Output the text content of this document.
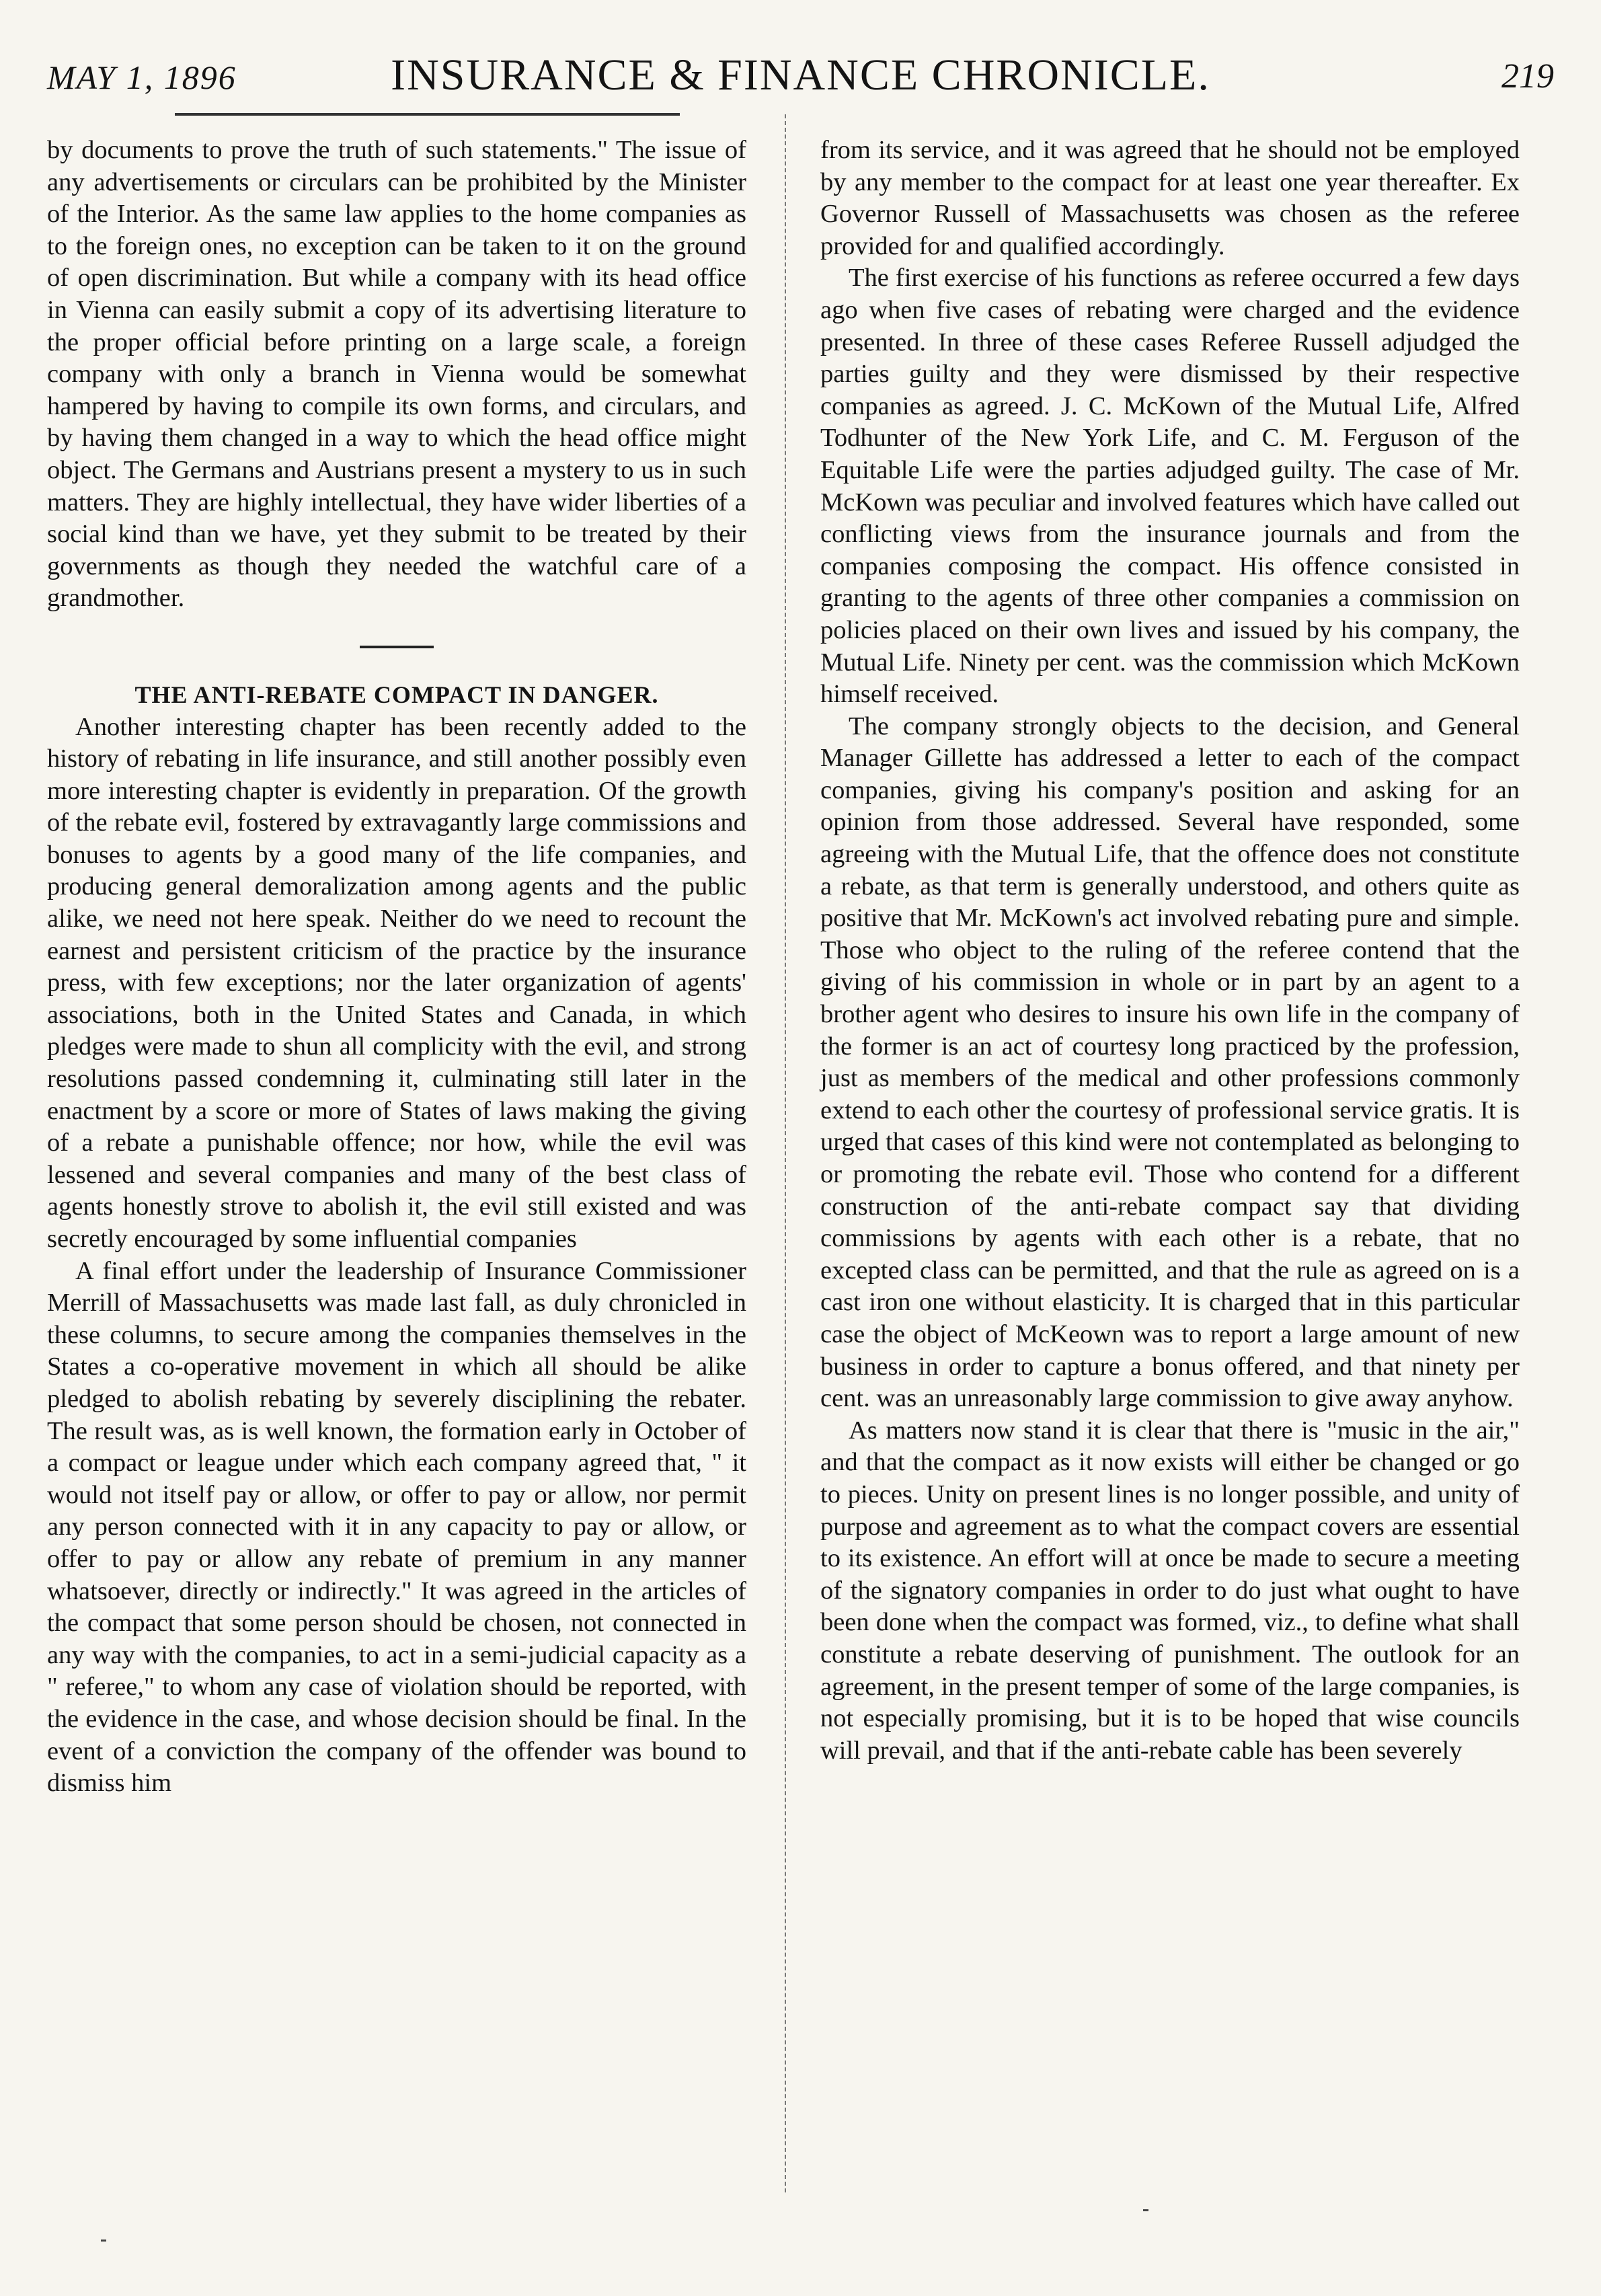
MAY 1, 1896	INSURANCE & FINANCE CHRONICLE.	219

by documents to prove the truth of such statements." The issue of any advertisements or circulars can be prohibited by the Minister of the Interior. As the same law applies to the home companies as to the foreign ones, no exception can be taken to it on the ground of open discrimination. But while a company with its head office in Vienna can easily submit a copy of its advertising literature to the proper official before printing on a large scale, a foreign company with only a branch in Vienna would be somewhat hampered by having to compile its own forms, and circulars, and by having them changed in a way to which the head office might object. The Germans and Austrians present a mystery to us in such matters. They are highly intellectual, they have wider liberties of a social kind than we have, yet they submit to be treated by their governments as though they needed the watchful care of a grandmother.

THE ANTI-REBATE COMPACT IN DANGER.

Another interesting chapter has been recently added to the history of rebating in life insurance, and still another possibly even more interesting chapter is evidently in preparation. Of the growth of the rebate evil, fostered by extravagantly large commissions and bonuses to agents by a good many of the life companies, and producing general demoralization among agents and the public alike, we need not here speak. Neither do we need to recount the earnest and persistent criticism of the practice by the insurance press, with few exceptions; nor the later organization of agents' associations, both in the United States and Canada, in which pledges were made to shun all complicity with the evil, and strong resolutions passed condemning it, culminating still later in the enactment by a score or more of States of laws making the giving of a rebate a punishable offence; nor how, while the evil was lessened and several companies and many of the best class of agents honestly strove to abolish it, the evil still existed and was secretly encouraged by some influential companies

A final effort under the leadership of Insurance Commissioner Merrill of Massachusetts was made last fall, as duly chronicled in these columns, to secure among the companies themselves in the States a co-operative movement in which all should be alike pledged to abolish rebating by severely disciplining the rebater. The result was, as is well known, the formation early in October of a compact or league under which each company agreed that, " it would not itself pay or allow, or offer to pay or allow, nor permit any person connected with it in any capacity to pay or allow, or offer to pay or allow any rebate of premium in any manner whatsoever, directly or indirectly." It was agreed in the articles of the compact that some person should be chosen, not connected in any way with the companies, to act in a semi-judicial capacity as a " referee," to whom any case of violation should be reported, with the evidence in the case, and whose decision should be final. In the event of a conviction the company of the offender was bound to dismiss him

from its service, and it was agreed that he should not be employed by any member to the compact for at least one year thereafter. Ex Governor Russell of Massachusetts was chosen as the referee provided for and qualified accordingly.

The first exercise of his functions as referee occurred a few days ago when five cases of rebating were charged and the evidence presented. In three of these cases Referee Russell adjudged the parties guilty and they were dismissed by their respective companies as agreed. J. C. McKown of the Mutual Life, Alfred Todhunter of the New York Life, and C. M. Ferguson of the Equitable Life were the parties adjudged guilty. The case of Mr. McKown was peculiar and involved features which have called out conflicting views from the insurance journals and from the companies composing the compact. His offence consisted in granting to the agents of three other companies a commission on policies placed on their own lives and issued by his company, the Mutual Life. Ninety per cent. was the commission which McKown himself received.

The company strongly objects to the decision, and General Manager Gillette has addressed a letter to each of the compact companies, giving his company's position and asking for an opinion from those addressed. Several have responded, some agreeing with the Mutual Life, that the offence does not constitute a rebate, as that term is generally understood, and others quite as positive that Mr. McKown's act involved rebating pure and simple. Those who object to the ruling of the referee contend that the giving of his commission in whole or in part by an agent to a brother agent who desires to insure his own life in the company of the former is an act of courtesy long practiced by the profession, just as members of the medical and other professions commonly extend to each other the courtesy of professional service gratis. It is urged that cases of this kind were not contemplated as belonging to or promoting the rebate evil. Those who contend for a different construction of the anti-rebate compact say that dividing commissions by agents with each other is a rebate, that no excepted class can be permitted, and that the rule as agreed on is a cast iron one without elasticity. It is charged that in this particular case the object of McKeown was to report a large amount of new business in order to capture a bonus offered, and that ninety per cent. was an unreasonably large commission to give away anyhow.

As matters now stand it is clear that there is "music in the air," and that the compact as it now exists will either be changed or go to pieces. Unity on present lines is no longer possible, and unity of purpose and agreement as to what the compact covers are essential to its existence. An effort will at once be made to secure a meeting of the signatory companies in order to do just what ought to have been done when the compact was formed, viz., to define what shall constitute a rebate deserving of punishment. The outlook for an agreement, in the present temper of some of the large companies, is not especially promising, but it is to be hoped that wise councils will prevail, and that if the anti-rebate cable has been severely
